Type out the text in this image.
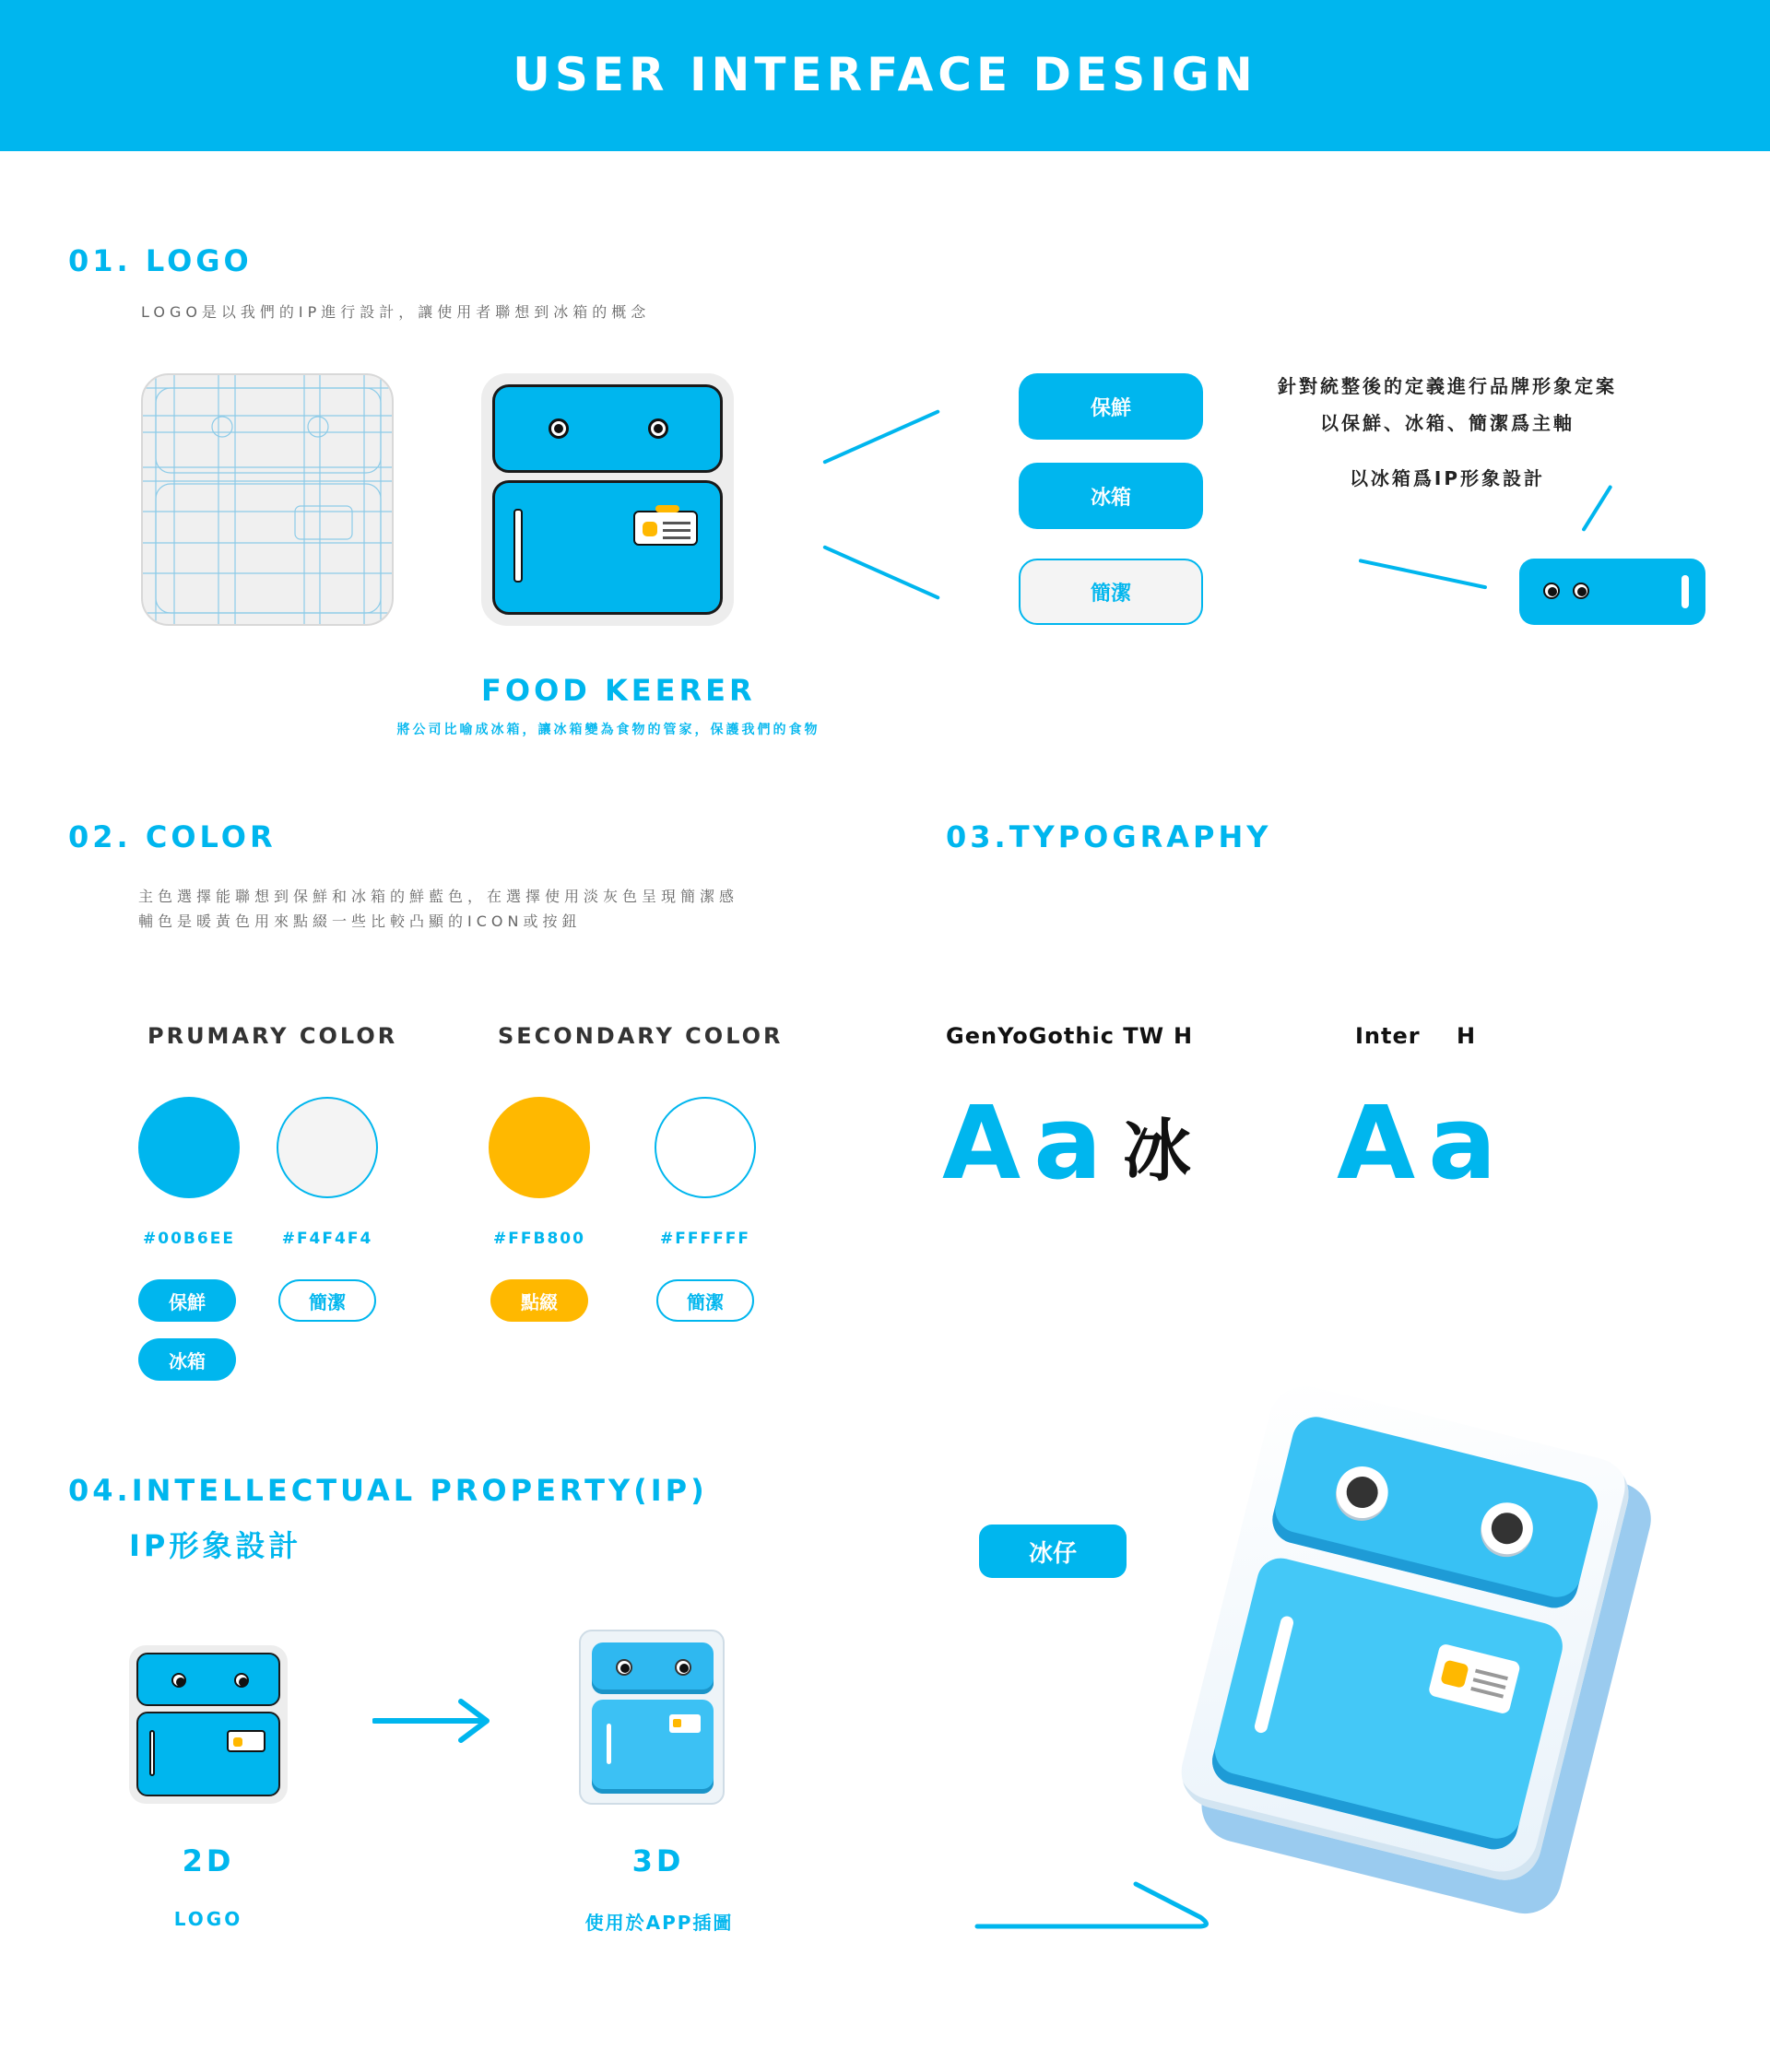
USER INTERFACE DESIGN
01. LOGO
LOGO是以我們的IP進行設計，讓使用者聯想到冰箱的概念
FOOD KEERER
將公司比喻成冰箱，讓冰箱變為食物的管家，保護我們的食物
保鮮
冰箱
簡潔
針對統整後的定義進行品牌形象定案
以保鮮、冰箱、簡潔爲主軸
以冰箱爲IP形象設計
02. COLOR
主色選擇能聯想到保鮮和冰箱的鮮藍色，在選擇使用淡灰色呈現簡潔感
輔色是暖黃色用來點綴一些比較凸顯的ICON或按鈕
PRUMARY COLOR	SECONDARY COLOR
#00B6EE	#F4F4F4	#FFB800	#FFFFFF
保鮮
冰箱
簡潔	點綴	簡潔
03.TYPOGRAPHY
GenYoGothic TW H
Aa 冰
Inter H
Aa
04.INTELLECTUAL PROPERTY(IP)
IP形象設計
2D
LOGO
3D
使用於APP插圖
冰仔
